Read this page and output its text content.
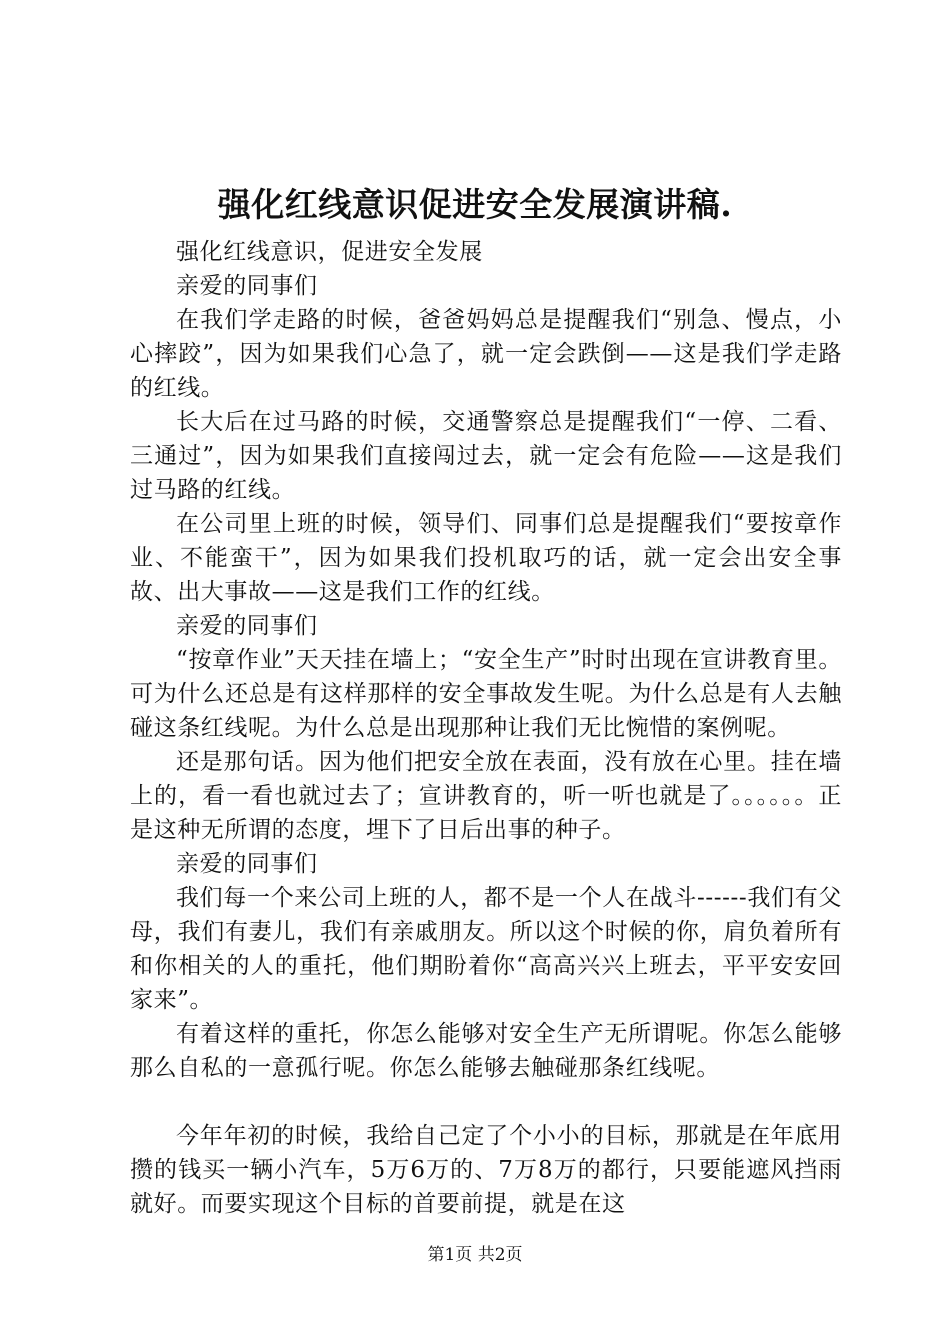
强化红线意识促进安全发展演讲稿.

强化红线意识，促进安全发展

亲爱的同事们

在我们学走路的时候，爸爸妈妈总是提醒我们“别急、慢点，小心摔跤”，因为如果我们心急了，就一定会跌倒——这是我们学走路的红线。

长大后在过马路的时候，交通警察总是提醒我们“一停、二看、三通过”，因为如果我们直接闯过去，就一定会有危险——这是我们过马路的红线。

在公司里上班的时候，领导们、同事们总是提醒我们“要按章作业、不能蛮干”，因为如果我们投机取巧的话，就一定会出安全事故、出大事故——这是我们工作的红线。

亲爱的同事们

“按章作业”天天挂在墙上；“安全生产”时时出现在宣讲教育里。可为什么还总是有这样那样的安全事故发生呢。为什么总是有人去触碰这条红线呢。为什么总是出现那种让我们无比惋惜的案例呢。

还是那句话。因为他们把安全放在表面，没有放在心里。挂在墙上的，看一看也就过去了；宣讲教育的，听一听也就是了。。。。。。正是这种无所谓的态度，埋下了日后出事的种子。

亲爱的同事们

我们每一个来公司上班的人，都不是一个人在战斗------我们有父母，我们有妻儿，我们有亲戚朋友。所以这个时候的你，肩负着所有和你相关的人的重托，他们期盼着你“高高兴兴上班去，平平安安回家来”。

有着这样的重托，你怎么能够对安全生产无所谓呢。你怎么能够那么自私的一意孤行呢。你怎么能够去触碰那条红线呢。

今年年初的时候，我给自己定了个小小的目标，那就是在年底用攒的钱买一辆小汽车，5万6万的、7万8万的都行，只要能遮风挡雨就好。而要实现这个目标的首要前提，就是在这

第1页 共2页
